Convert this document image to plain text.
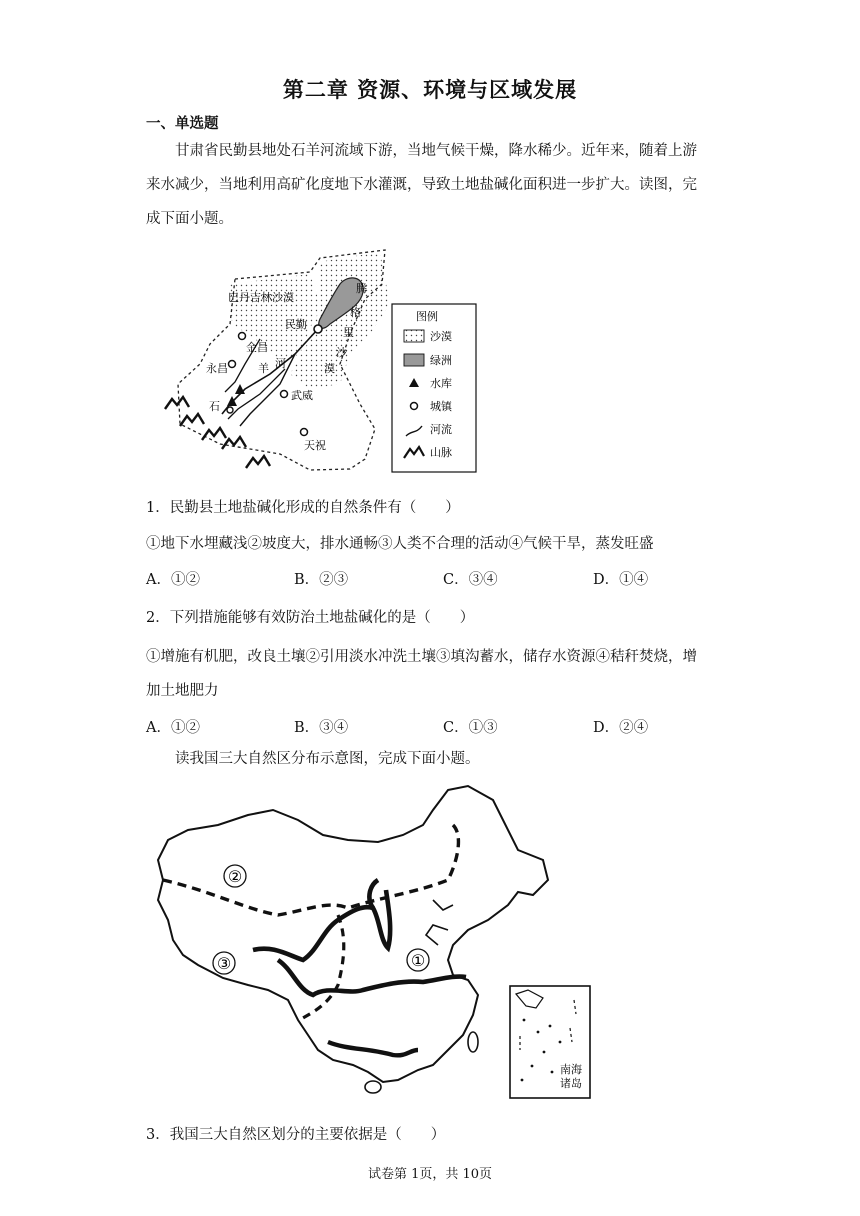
第二章 资源、环境与区域发展
一、单选题
甘肃省民勤县地处石羊河流域下游，当地气候干燥，降水稀少。近年来，随着上游
来水减少，当地利用高矿化度地下水灌溉，导致土地盐碱化面积进一步扩大。读图，完
成下面小题。
巴丹吉林沙漠
民勤
金昌
永昌	羊 河
石
武威
天祝
腾
格
里
沙
漠
图例
沙漠
绿洲
水库
城镇
河流
山脉
1．民勤县土地盐碱化形成的自然条件有（　　）
①地下水埋藏浅②坡度大，排水通畅③人类不合理的活动④气候干旱，蒸发旺盛
A．①②	B．②③	C．③④	D．①④
2．下列措施能够有效防治土地盐碱化的是（　　）
①增施有机肥，改良土壤②引用淡水冲洗土壤③填沟蓄水，储存水资源④秸秆焚烧，增
加土地肥力
A．①②	B．③④	C．①③	D．②④
读我国三大自然区分布示意图，完成下面小题。
②
③	①
南海
诸岛
3．我国三大自然区划分的主要依据是（　　）
试卷第 1页，共 10页
